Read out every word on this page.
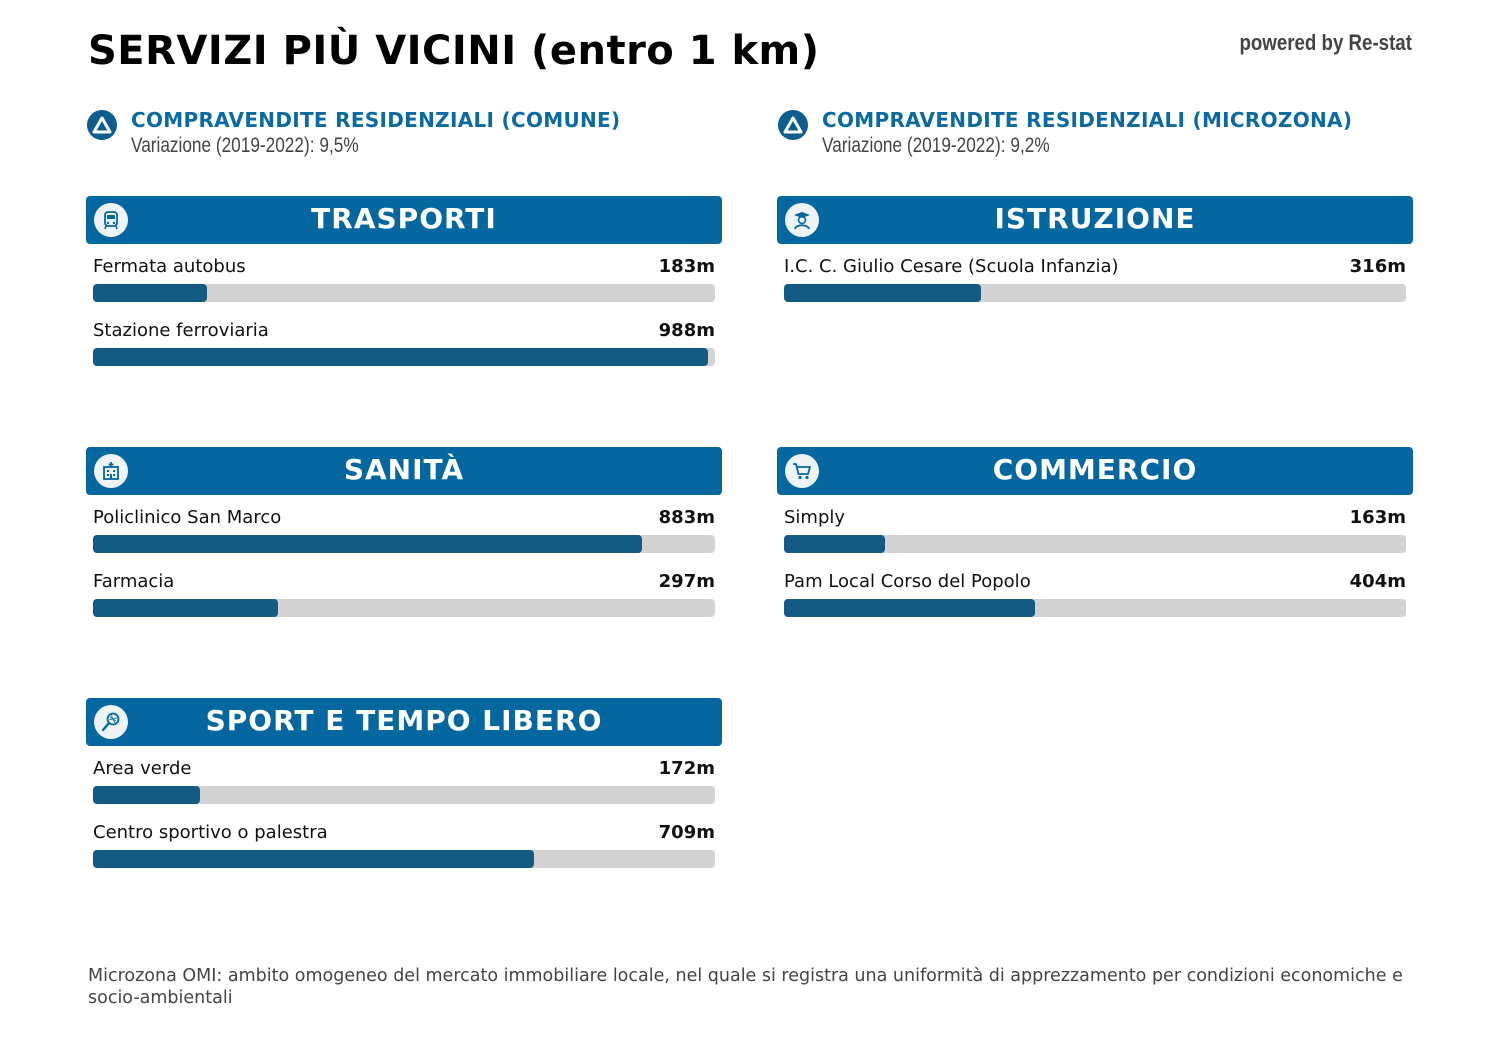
SERVIZI PIÙ VICINI (entro 1 km)	powered by Re-stat
COMPRAVENDITE RESIDENZIALI (COMUNE)
Variazione (2019-2022): 9,5%
COMPRAVENDITE RESIDENZIALI (MICROZONA)
Variazione (2019-2022): 9,2%
TRASPORTI
Fermata autobus	183m
Stazione ferroviaria	988m
ISTRUZIONE
I.C. C. Giulio Cesare (Scuola Infanzia)	316m
SANITÀ
Policlinico San Marco	883m
Farmacia	297m
COMMERCIO
Simply	163m
Pam Local Corso del Popolo	404m
SPORT E TEMPO LIBERO
Area verde	172m
Centro sportivo o palestra	709m
Microzona OMI: ambito omogeneo del mercato immobiliare locale, nel quale si registra una uniformità di apprezzamento per condizioni economiche e socio-ambientali
